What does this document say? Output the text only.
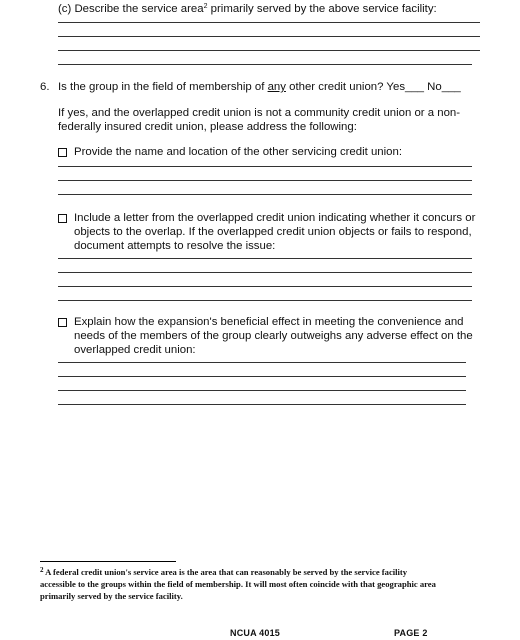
(c) Describe the service area$^2$ primarily served by the above service facility:
6. Is the group in the field of membership of any other credit union? Yes___ No___
If yes, and the overlapped credit union is not a community credit union or a non-
federally insured credit union, please address the following:
Provide the name and location of the other servicing credit union:
Include a letter from the overlapped credit union indicating whether it concurs or
objects to the overlap. If the overlapped credit union objects or fails to respond,
document attempts to resolve the issue:
Explain how the expansion's beneficial effect in meeting the convenience and
needs of the members of the group clearly outweighs any adverse effect on the
overlapped credit union:
$^2$ A federal credit union's service area is the area that can reasonably be served by the service facility
accessible to the groups within the field of membership. It will most often coincide with that geographic area
primarily served by the service facility.
NCUA 4015	PAGE 2
